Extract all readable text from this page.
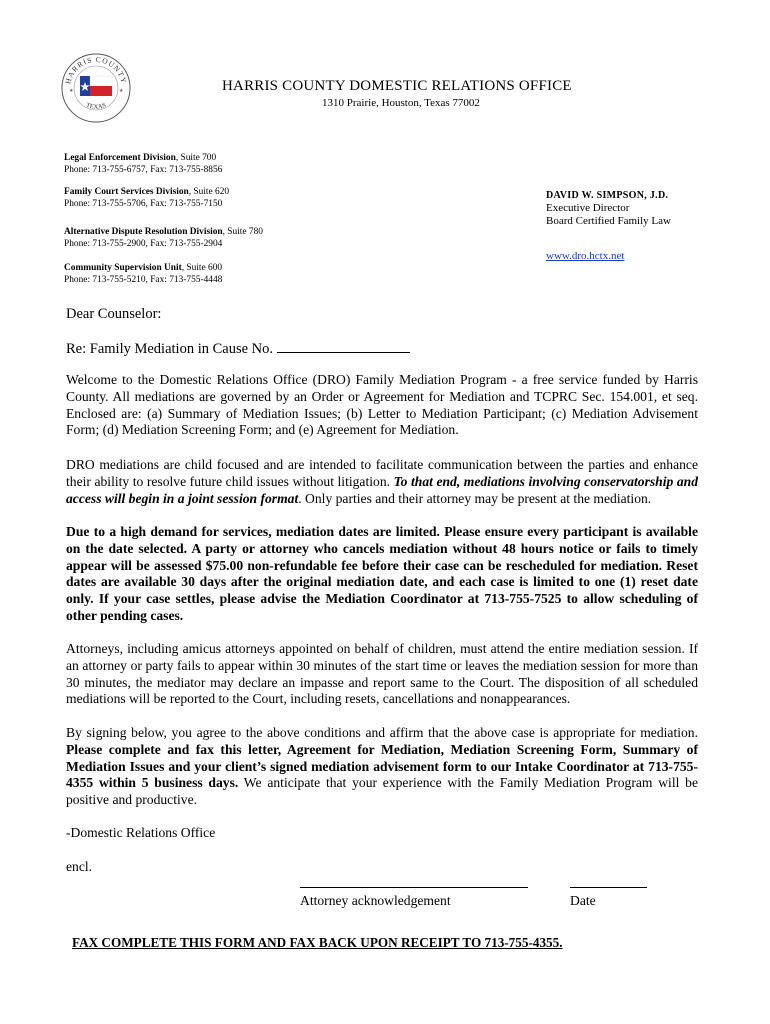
HARRIS COUNTY
TEXAS
★	★	HARRIS COUNTY DOMESTIC RELATIONS OFFICE
1310 Prairie, Houston, Texas 77002
Legal Enforcement Division, Suite 700
Phone: 713-755-6757, Fax: 713-755-8856
Family Court Services Division, Suite 620
Phone: 713-755-5706, Fax: 713-755-7150
Alternative Dispute Resolution Division, Suite 780
Phone: 713-755-2900, Fax: 713-755-2904
Community Supervision Unit, Suite 600
Phone: 713-755-5210, Fax: 713-755-4448
DAVID W. SIMPSON, J.D.
Executive Director
Board Certified Family Law
www.dro.hctx.net
Dear Counselor:
Re: Family Mediation in Cause No.
Welcome to the Domestic Relations Office (DRO) Family Mediation Program - a free service funded by Harris County. All mediations are governed by an Order or Agreement for Mediation and TCPRC Sec. 154.001, et seq. Enclosed are: (a) Summary of Mediation Issues; (b) Letter to Mediation Participant; (c) Mediation Advisement Form; (d) Mediation Screening Form; and (e) Agreement for Mediation.
DRO mediations are child focused and are intended to facilitate communication between the parties and enhance their ability to resolve future child issues without litigation. To that end, mediations involving conservatorship and access will begin in a joint session format. Only parties and their attorney may be present at the mediation.
Due to a high demand for services, mediation dates are limited. Please ensure every participant is available on the date selected. A party or attorney who cancels mediation without 48 hours notice or fails to timely appear will be assessed $75.00 non-refundable fee before their case can be rescheduled for mediation. Reset dates are available 30 days after the original mediation date, and each case is limited to one (1) reset date only. If your case settles, please advise the Mediation Coordinator at 713-755-7525 to allow scheduling of other pending cases.
Attorneys, including amicus attorneys appointed on behalf of children, must attend the entire mediation session. If an attorney or party fails to appear within 30 minutes of the start time or leaves the mediation session for more than 30 minutes, the mediator may declare an impasse and report same to the Court. The disposition of all scheduled mediations will be reported to the Court, including resets, cancellations and nonappearances.
By signing below, you agree to the above conditions and affirm that the above case is appropriate for mediation. Please complete and fax this letter, Agreement for Mediation, Mediation Screening Form, Summary of Mediation Issues and your client’s signed mediation advisement form to our Intake Coordinator at 713-755-4355 within 5 business days. We anticipate that your experience with the Family Mediation Program will be positive and productive.
-Domestic Relations Office
encl.
Attorney acknowledgement	Date
FAX COMPLETE THIS FORM AND FAX BACK UPON RECEIPT TO 713-755-4355.
